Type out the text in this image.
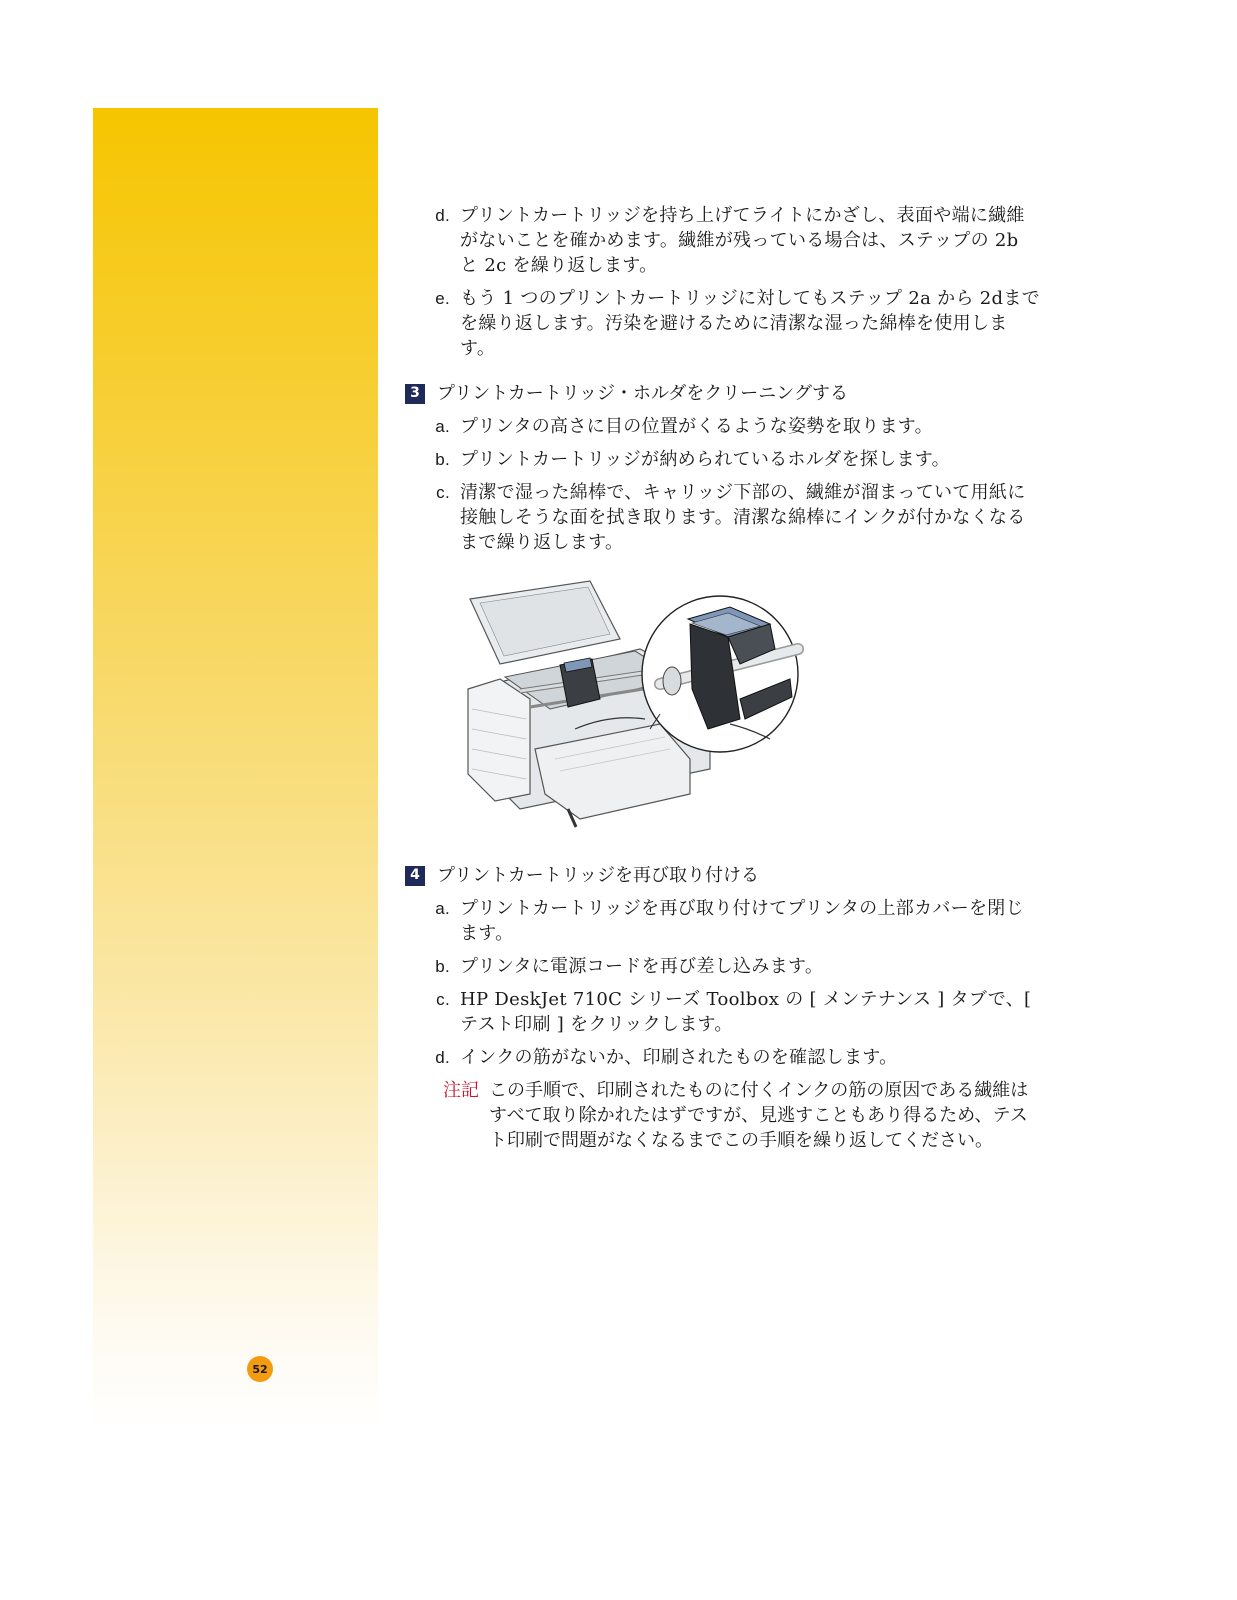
52
d. プリントカートリッジを持ち上げてライトにかざし、表面や端に繊維がないことを確かめます。繊維が残っている場合は、ステップの 2b と 2c を繰り返します。
e. もう 1 つのプリントカートリッジに対してもステップ 2a から 2dまでを繰り返します。汚染を避けるために清潔な湿った綿棒を使用します。
3 プリントカートリッジ・ホルダをクリーニングする
a. プリンタの高さに目の位置がくるような姿勢を取ります。
b. プリントカートリッジが納められているホルダを探します。
c. 清潔で湿った綿棒で、キャリッジ下部の、繊維が溜まっていて用紙に接触しそうな面を拭き取ります。清潔な綿棒にインクが付かなくなるまで繰り返します。
4 プリントカートリッジを再び取り付ける
a. プリントカートリッジを再び取り付けてプリンタの上部カバーを閉じます。
b. プリンタに電源コードを再び差し込みます。
c. HP DeskJet 710C シリーズ Toolbox の [ メンテナンス ] タブで、[ テスト印刷 ] をクリックします。
d. インクの筋がないか、印刷されたものを確認します。
注記 この手順で、印刷されたものに付くインクの筋の原因である繊維はすべて取り除かれたはずですが、見逃すこともあり得るため、テスト印刷で問題がなくなるまでこの手順を繰り返してください。
